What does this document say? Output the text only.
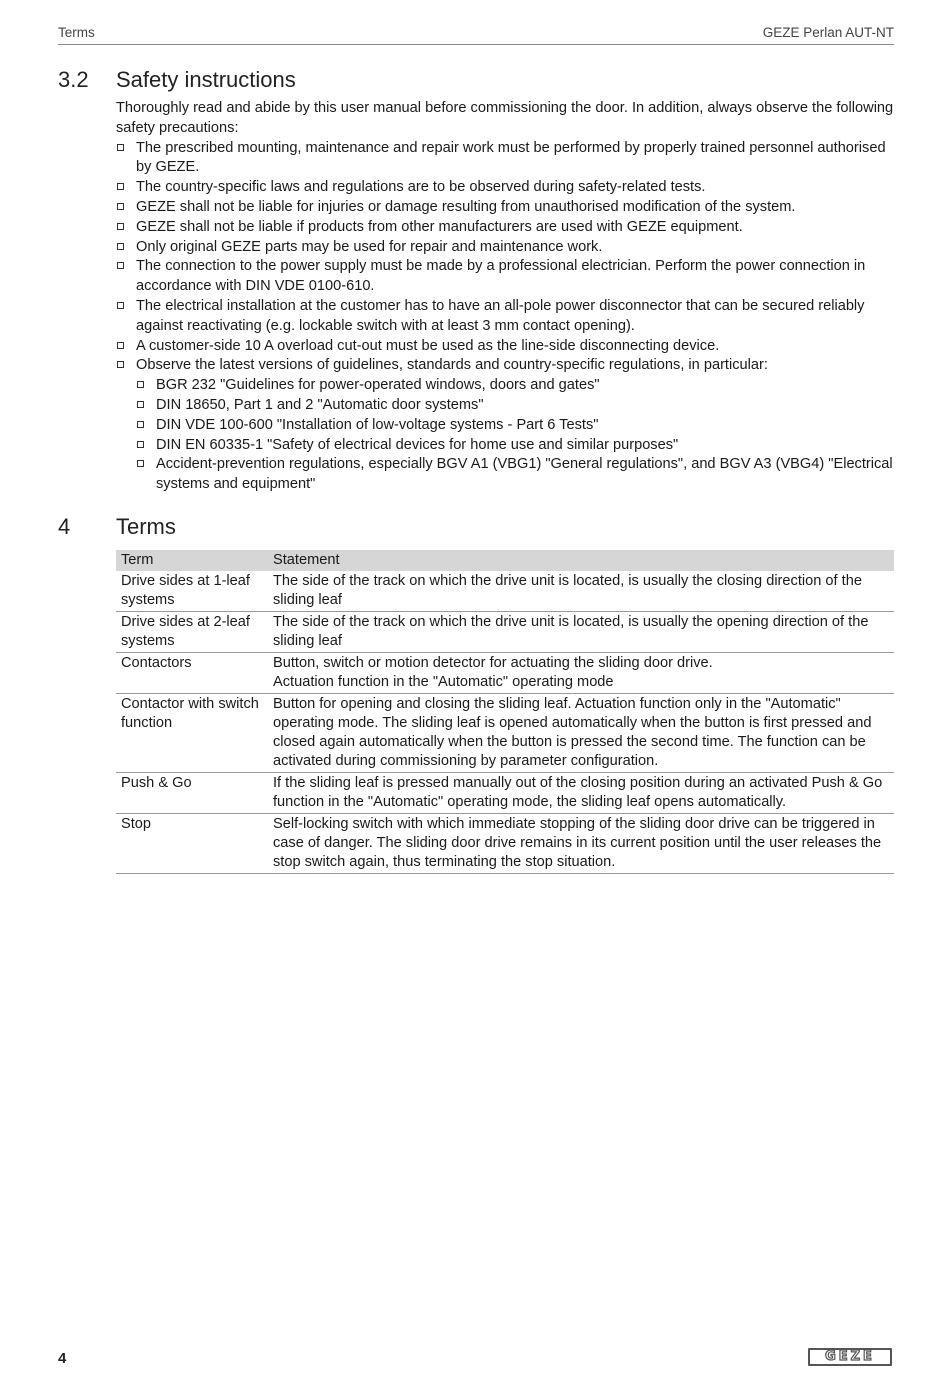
Terms	GEZE Perlan AUT-NT
3.2 Safety instructions
Thoroughly read and abide by this user manual before commissioning the door. In addition, always observe the following safety precautions:
The prescribed mounting, maintenance and repair work must be performed by properly trained personnel authorised by GEZE.
The country-specific laws and regulations are to be observed during safety-related tests.
GEZE shall not be liable for injuries or damage resulting from unauthorised modification of the system.
GEZE shall not be liable if products from other manufacturers are used with GEZE equipment.
Only original GEZE parts may be used for repair and maintenance work.
The connection to the power supply must be made by a professional electrician. Perform the power connection in accordance with DIN VDE 0100-610.
The electrical installation at the customer has to have an all-pole power disconnector that can be secured reliably against reactivating (e.g. lockable switch with at least 3 mm contact opening).
A customer-side 10 A overload cut-out must be used as the line-side disconnecting device.
Observe the latest versions of guidelines, standards and country-specific regulations, in particular:
BGR 232 "Guidelines for power-operated windows, doors and gates"
DIN 18650, Part 1 and 2 "Automatic door systems"
DIN VDE 100-600 "Installation of low-voltage systems - Part 6 Tests"
DIN EN 60335-1 "Safety of electrical devices for home use and similar purposes"
Accident-prevention regulations, especially BGV A1 (VBG1) "General regulations", and BGV A3 (VBG4) "Electrical systems and equipment"
4 Terms
Term	Statement
Drive sides at 1-leaf systems	The side of the track on which the drive unit is located, is usually the closing direction of the sliding leaf
Drive sides at 2-leaf systems	The side of the track on which the drive unit is located, is usually the opening direction of the sliding leaf
Contactors	Button, switch or motion detector for actuating the sliding door drive.
Actuation function in the "Automatic" operating mode

Contactor with switch function	Button for opening and closing the sliding leaf. Actuation function only in the "Automatic" operating mode. The sliding leaf is opened automatically when the button is first pressed and closed again automatically when the button is pressed the second time. The function can be activated during commissioning by parameter configuration.
Push & Go	If the sliding leaf is pressed manually out of the closing position during an activated Push & Go function in the "Automatic" operating mode, the sliding leaf opens automatically.
Stop	Self-locking switch with which immediate stopping of the sliding door drive can be triggered in case of danger. The sliding door drive remains in its current position until the user releases the stop switch again, thus terminating the stop situation.
4	GEZE
